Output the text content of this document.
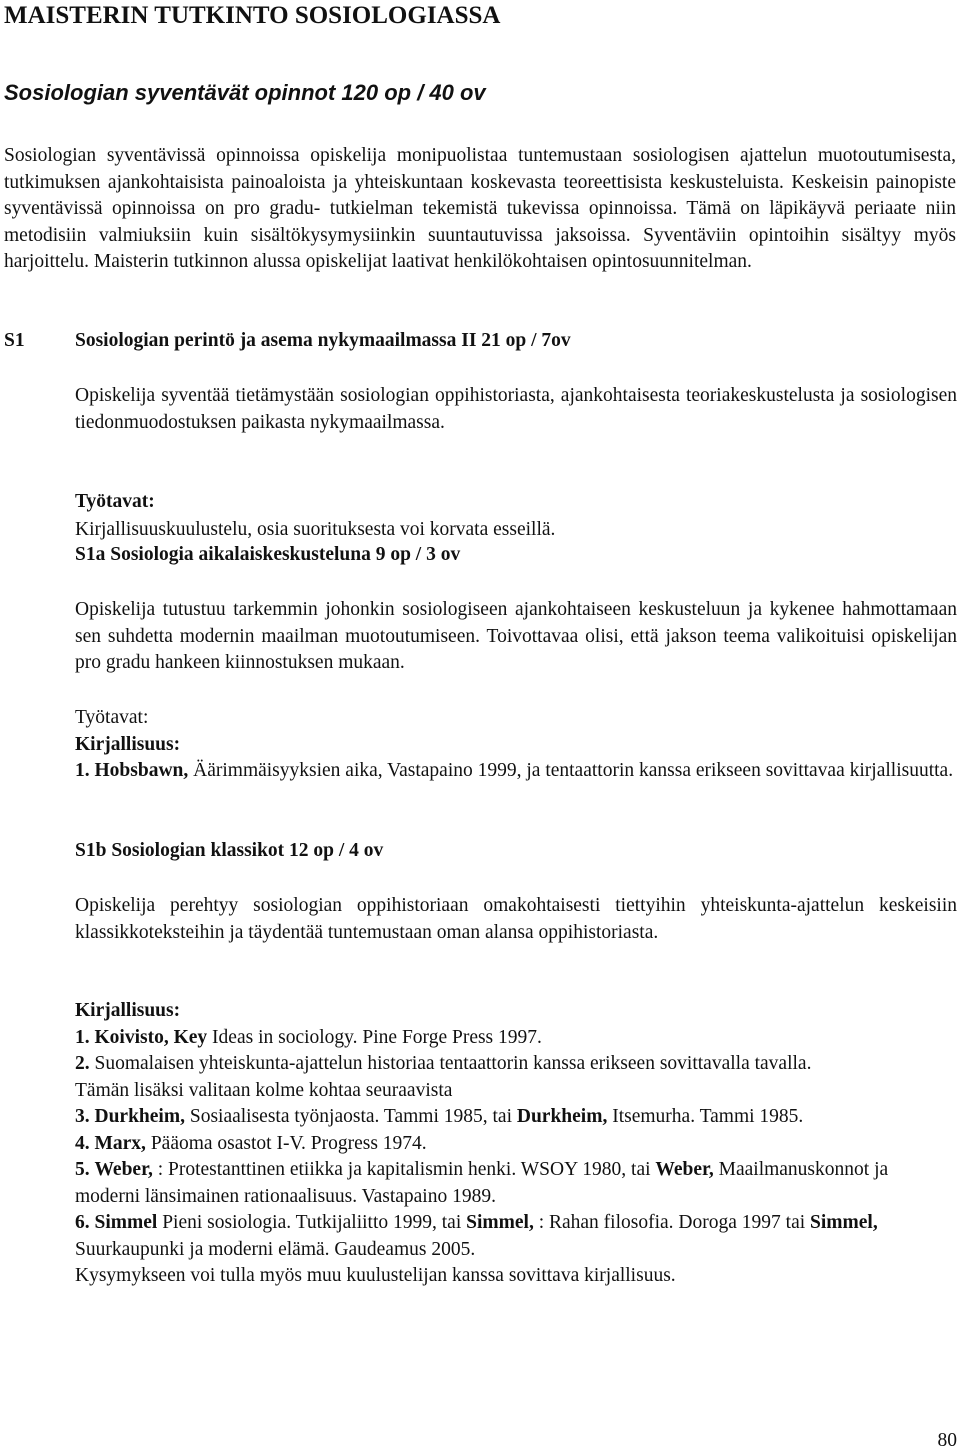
MAISTERIN TUTKINTO SOSIOLOGIASSA
Sosiologian syventävät opinnot 120 op / 40 ov

Sosiologian syventävissä opinnoissa opiskelija monipuolistaa tuntemustaan sosiologisen ajattelun muotoutumisesta, tutkimuksen ajankohtaisista painoaloista ja yhteiskuntaan koskevasta teoreettisista keskusteluista. Keskeisin painopiste syventävissä opinnoissa on pro gradu- tutkielman tekemistä tukevissa opinnoissa. Tämä on läpikäyvä periaate niin metodisiin valmiuksiin kuin sisältökysymysiinkin suuntautuvissa jaksoissa. Syventäviin opintoihin sisältyy myös harjoittelu. Maisterin tutkinnon alussa opiskelijat laativat henkilökohtaisen opintosuunnitelman.

S1	Sosiologian perintö ja asema nykymaailmassa II 21 op / 7ov

Opiskelija syventää tietämystään sosiologian oppihistoriasta, ajankohtaisesta teoriakeskustelusta ja sosiologisen tiedonmuodostuksen paikasta nykymaailmassa.

Työtavat:
Kirjallisuuskuulustelu, osia suorituksesta voi korvata esseillä.
S1a Sosiologia aikalaiskeskusteluna 9 op / 3 ov

Opiskelija tutustuu tarkemmin johonkin sosiologiseen ajankohtaiseen keskusteluun ja kykenee hahmottamaan sen suhdetta modernin maailman muotoutumiseen. Toivottavaa olisi, että jakson teema valikoituisi opiskelijan pro gradu hankeen kiinnostuksen mukaan.

Työtavat:
Kirjallisuus:
1. Hobsbawn, Äärimmäisyyksien aika, Vastapaino 1999, ja tentaattorin kanssa erikseen sovittavaa kirjallisuutta.
S1b Sosiologian klassikot 12 op / 4 ov

Opiskelija perehtyy sosiologian oppihistoriaan omakohtaisesti tiettyihin yhteiskunta-ajattelun keskeisiin klassikkoteksteihin ja täydentää tuntemustaan oman alansa oppihistoriasta.

Kirjallisuus:
1. Koivisto, Key Ideas in sociology. Pine Forge Press 1997.
2. Suomalaisen yhteiskunta-ajattelun historiaa tentaattorin kanssa erikseen sovittavalla tavalla.
Tämän lisäksi valitaan kolme kohtaa seuraavista
3. Durkheim, Sosiaalisesta työnjaosta. Tammi 1985, tai Durkheim, Itsemurha. Tammi 1985.
4. Marx, Pääoma osastot I-V. Progress 1974.
5. Weber, : Protestanttinen etiikka ja kapitalismin henki. WSOY 1980, tai Weber, Maailmanuskonnot ja moderni länsimainen rationaalisuus. Vastapaino 1989.
6. Simmel Pieni sosiologia. Tutkijaliitto 1999, tai Simmel, : Rahan filosofia. Doroga 1997 tai Simmel, Suurkaupunki ja moderni elämä. Gaudeamus 2005.
Kysymykseen voi tulla myös muu kuulustelijan kanssa sovittava kirjallisuus.
80
